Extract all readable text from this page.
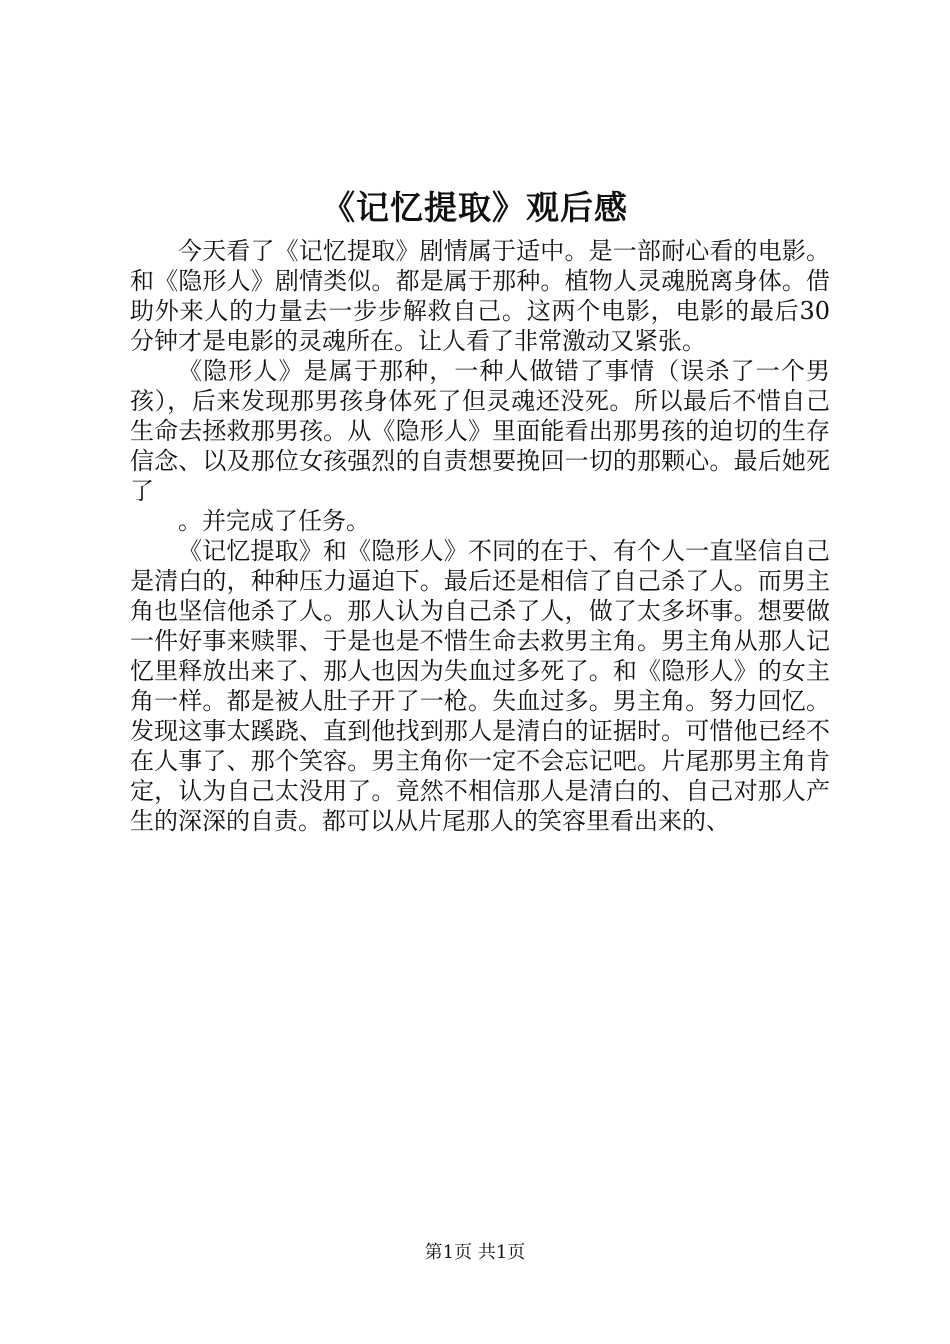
《记忆提取》观后感

今天看了《记忆提取》剧情属于适中。是一部耐心看的电影。和《隐形人》剧情类似。都是属于那种。植物人灵魂脱离身体。借助外来人的力量去一步步解救自己。这两个电影，电影的最后30分钟才是电影的灵魂所在。让人看了非常激动又紧张。

《隐形人》是属于那种，一种人做错了事情（误杀了一个男孩），后来发现那男孩身体死了但灵魂还没死。所以最后不惜自己生命去拯救那男孩。从《隐形人》里面能看出那男孩的迫切的生存信念、以及那位女孩强烈的自责想要挽回一切的那颗心。最后她死了

。并完成了任务。

《记忆提取》和《隐形人》不同的在于、有个人一直坚信自己是清白的，种种压力逼迫下。最后还是相信了自己杀了人。而男主角也坚信他杀了人。那人认为自己杀了人，做了太多坏事。想要做一件好事来赎罪、于是也是不惜生命去救男主角。男主角从那人记忆里释放出来了、那人也因为失血过多死了。和《隐形人》的女主角一样。都是被人肚子开了一枪。失血过多。男主角。努力回忆。发现这事太蹊跷、直到他找到那人是清白的证据时。可惜他已经不在人事了、那个笑容。男主角你一定不会忘记吧。片尾那男主角肯定，认为自己太没用了。竟然不相信那人是清白的、自己对那人产生的深深的自责。都可以从片尾那人的笑容里看出来的、

第1页 共1页
